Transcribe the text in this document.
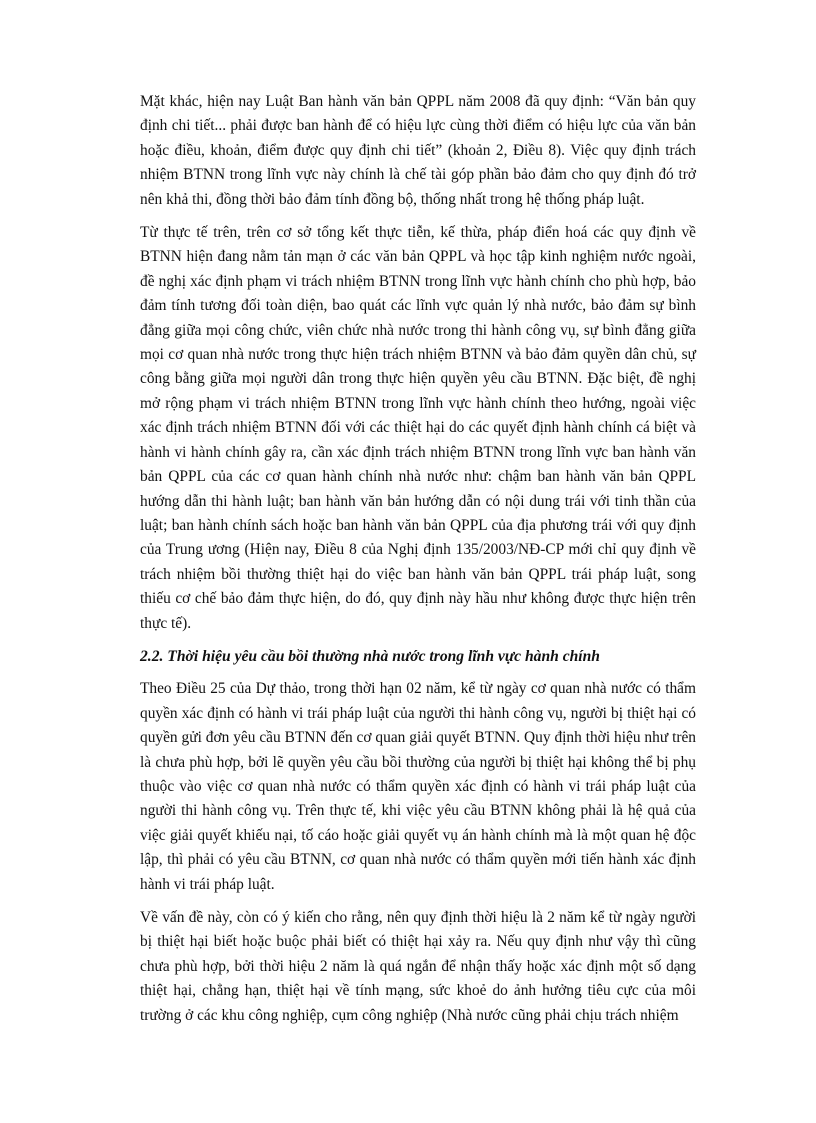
Mặt khác, hiện nay Luật Ban hành văn bản QPPL năm 2008 đã quy định: “Văn bản quy định chi tiết... phải được ban hành để có hiệu lực cùng thời điểm có hiệu lực của văn bản hoặc điều, khoản, điểm được quy định chi tiết” (khoản 2, Điều 8). Việc quy định trách nhiệm BTNN trong lĩnh vực này chính là chế tài góp phần bảo đảm cho quy định đó trở nên khả thi, đồng thời bảo đảm tính đồng bộ, thống nhất trong hệ thống pháp luật.

Từ thực tế trên, trên cơ sở tổng kết thực tiễn, kế thừa, pháp điển hoá các quy định về BTNN hiện đang nằm tản mạn ở các văn bản QPPL và học tập kinh nghiệm nước ngoài, đề nghị xác định phạm vi trách nhiệm BTNN trong lĩnh vực hành chính cho phù hợp, bảo đảm tính tương đối toàn diện, bao quát các lĩnh vực quản lý nhà nước, bảo đảm sự bình đẳng giữa mọi công chức, viên chức nhà nước trong thi hành công vụ, sự bình đẳng giữa mọi cơ quan nhà nước trong thực hiện trách nhiệm BTNN và bảo đảm quyền dân chủ, sự công bằng giữa mọi người dân trong thực hiện quyền yêu cầu BTNN. Đặc biệt, đề nghị mở rộng phạm vi trách nhiệm BTNN trong lĩnh vực hành chính theo hướng, ngoài việc xác định trách nhiệm BTNN đối với các thiệt hại do các quyết định hành chính cá biệt và hành vi hành chính gây ra, cần xác định trách nhiệm BTNN trong lĩnh vực ban hành văn bản QPPL của các cơ quan hành chính nhà nước như: chậm ban hành văn bản QPPL hướng dẫn thi hành luật; ban hành văn bản hướng dẫn có nội dung trái với tinh thần của luật; ban hành chính sách hoặc ban hành văn bản QPPL của địa phương trái với quy định của Trung ương (Hiện nay, Điều 8 của Nghị định 135/2003/NĐ-CP mới chỉ quy định về trách nhiệm bồi thường thiệt hại do việc ban hành văn bản QPPL trái pháp luật, song thiếu cơ chế bảo đảm thực hiện, do đó, quy định này hầu như không được thực hiện trên thực tế).

2.2. Thời hiệu yêu cầu bồi thường nhà nước trong lĩnh vực hành chính

Theo Điều 25 của Dự thảo, trong thời hạn 02 năm, kể từ ngày cơ quan nhà nước có thẩm quyền xác định có hành vi trái pháp luật của người thi hành công vụ, người bị thiệt hại có quyền gửi đơn yêu cầu BTNN đến cơ quan giải quyết BTNN. Quy định thời hiệu như trên là chưa phù hợp, bởi lẽ quyền yêu cầu bồi thường của người bị thiệt hại không thể bị phụ thuộc vào việc cơ quan nhà nước có thẩm quyền xác định có hành vi trái pháp luật của người thi hành công vụ. Trên thực tế, khi việc yêu cầu BTNN không phải là hệ quả của việc giải quyết khiếu nại, tố cáo hoặc giải quyết vụ án hành chính mà là một quan hệ độc lập, thì phải có yêu cầu BTNN, cơ quan nhà nước có thẩm quyền mới tiến hành xác định hành vi trái pháp luật.

Về vấn đề này, còn có ý kiến cho rằng, nên quy định thời hiệu là 2 năm kể từ ngày người bị thiệt hại biết hoặc buộc phải biết có thiệt hại xảy ra. Nếu quy định như vậy thì cũng chưa phù hợp, bởi thời hiệu 2 năm là quá ngắn để nhận thấy hoặc xác định một số dạng thiệt hại, chẳng hạn, thiệt hại về tính mạng, sức khoẻ do ảnh hưởng tiêu cực của môi trường ở các khu công nghiệp, cụm công nghiệp (Nhà nước cũng phải chịu trách nhiệm
